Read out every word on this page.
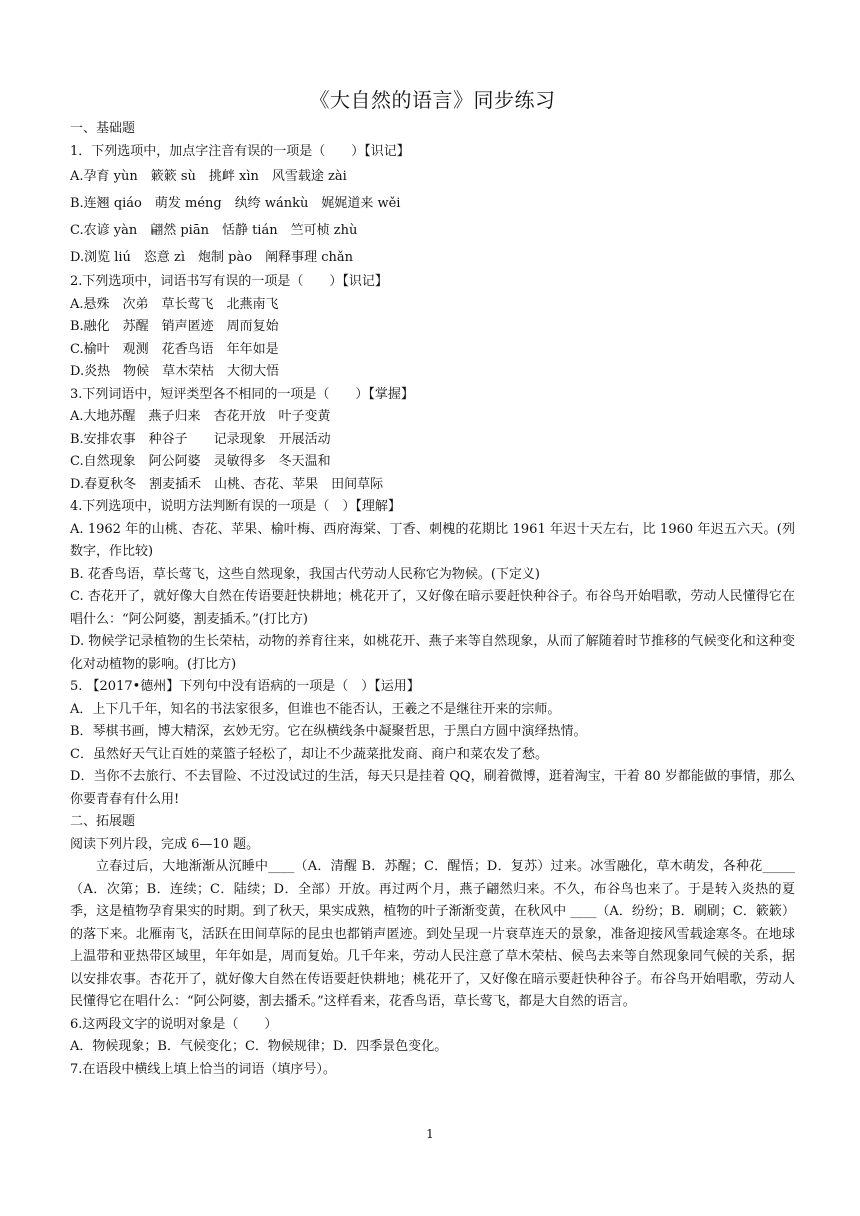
《大自然的语言》同步练习
一、基础题
1．下列选项中，加点字注音有误的一项是（　　）【识记】
A.孕育 yùn　簌簌 sù　挑衅 xìn　风雪载途 zài
B.连翘 qiáo　萌发 méng　纨绔 wánkù　娓娓道来 wěi
C.农谚 yàn　翩然 piān　恬静 tián　竺可桢 zhù
D.浏览 liú　恣意 zì　炮制 pào　阐释事理 chǎn
2.下列选项中，词语书写有误的一项是（　　）【识记】
A.悬殊　次弟　草长莺飞　北燕南飞
B.融化　苏醒　销声匿迹　周而复始
C.榆叶　观测　花香鸟语　年年如是
D.炎热　物候　草木荣枯　大彻大悟
3.下列词语中，短评类型各不相同的一项是（　　）【掌握】
A.大地苏醒　燕子归来　杏花开放　叶子变黄
B.安排农事　种谷子　　记录现象　开展活动
C.自然现象　阿公阿婆　灵敏得多　冬天温和
D.春夏秋冬　割麦插禾　山桃、杏花、苹果　田间草际
4.下列选项中，说明方法判断有误的一项是（　）【理解】
A. 1962 年的山桃、杏花、苹果、榆叶梅、西府海棠、丁香、刺槐的花期比 1961 年迟十天左右，比 1960 年迟五六天。(列数字，作比较)
B. 花香鸟语，草长莺飞，这些自然现象，我国古代劳动人民称它为物候。(下定义)
C. 杏花开了，就好像大自然在传语要赶快耕地；桃花开了，又好像在暗示要赶快种谷子。布谷鸟开始唱歌，劳动人民懂得它在唱什么：“阿公阿婆，割麦插禾。”(打比方)
D. 物候学记录植物的生长荣枯，动物的养育往来，如桃花开、燕子来等自然现象，从而了解随着时节推移的气候变化和这种变化对动植物的影响。(打比方)
5. 【2017•德州】下列句中没有语病的一项是（　）【运用】
A．上下几千年，知名的书法家很多，但谁也不能否认，王羲之不是继往开来的宗师。
B．琴棋书画，博大精深，玄妙无穷。它在纵横线条中凝聚哲思，于黑白方圆中演绎热情。
C．虽然好天气让百姓的菜篮子轻松了，却让不少蔬菜批发商、商户和菜农发了愁。
D．当你不去旅行、不去冒险、不过没试过的生活，每天只是挂着 QQ，刷着微博，逛着淘宝，干着 80 岁都能做的事情，那么你要青春有什么用!
二、拓展题
阅读下列片段，完成 6—10 题。
立春过后，大地渐渐从沉睡中____（A．清醒 B．苏醒；C．醒悟；D．复苏）过来。冰雪融化，草木萌发，各种花_____（A．次第；B．连续；C．陆续；D．全部）开放。再过两个月，燕子翩然归来。不久，布谷鸟也来了。于是转入炎热的夏季，这是植物孕育果实的时期。到了秋天，果实成熟，植物的叶子渐渐变黄，在秋风中 ____（A．纷纷；B．刷刷；C．簌簌）的落下来。北雁南飞，活跃在田间草际的昆虫也都销声匿迹。到处呈现一片衰草连天的景象，准备迎接风雪载途寒冬。在地球上温带和亚热带区域里，年年如是，周而复始。几千年来，劳动人民注意了草木荣枯、候鸟去来等自然现象同气候的关系，据以安排农事。杏花开了，就好像大自然在传语要赶快耕地；桃花开了，又好像在暗示要赶快种谷子。布谷鸟开始唱歌，劳动人民懂得它在唱什么：“阿公阿婆，割去播禾。”这样看来，花香鸟语，草长莺飞，都是大自然的语言。
6.这两段文字的说明对象是（　　）
A．物候现象；B．气候变化；C．物候规律；D．四季景色变化。
7.在语段中横线上填上恰当的词语（填序号）。
1
